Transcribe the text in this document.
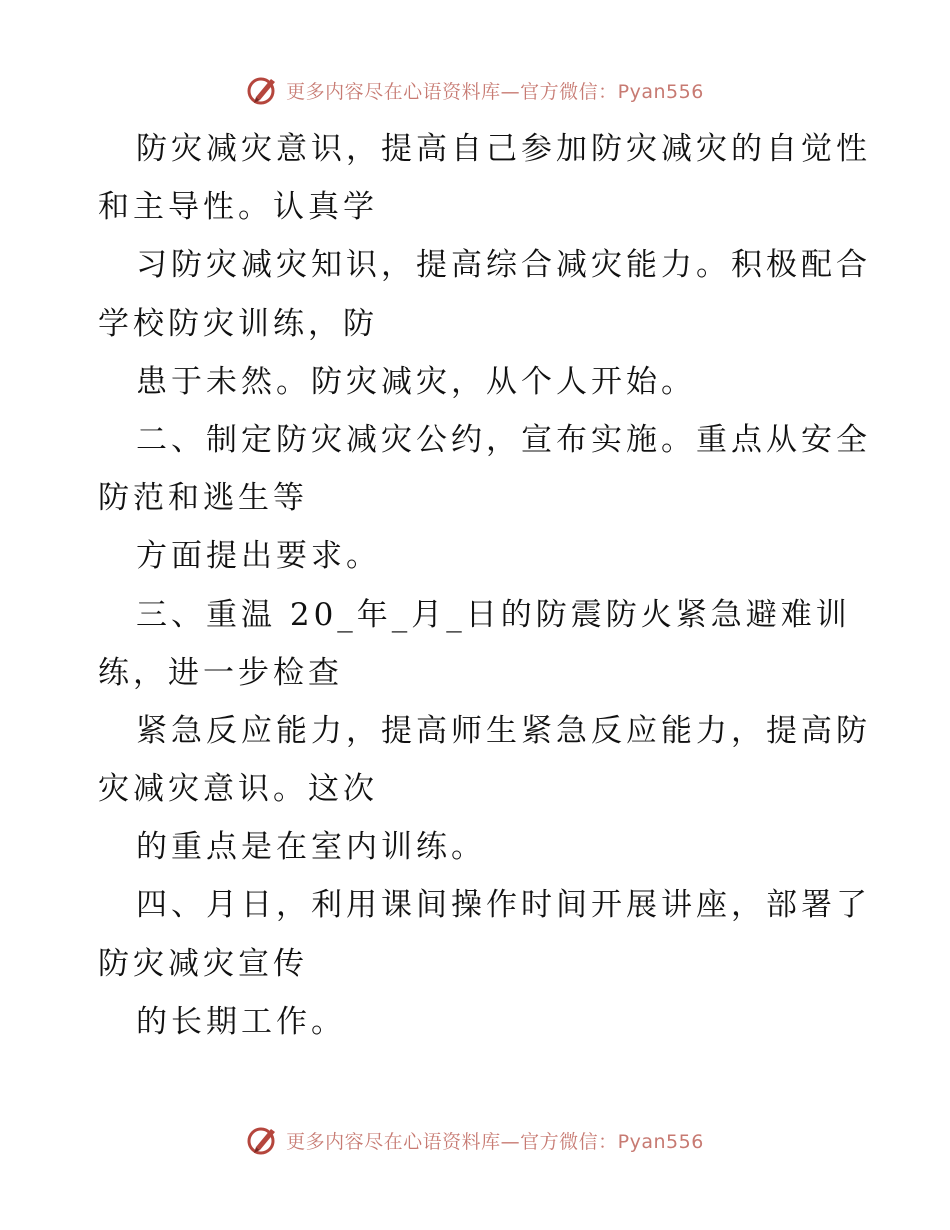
更多内容尽在心语资料库—官方微信：Pyan556
防灾减灾意识，提高自己参加防灾减灾的自觉性
和主导性。认真学
习防灾减灾知识，提高综合减灾能力。积极配合
学校防灾训练，防
患于未然。防灾减灾，从个人开始。
二、制定防灾减灾公约，宣布实施。重点从安全
防范和逃生等
方面提出要求。
三、重温 20_年_月_日的防震防火紧急避难训
练，进一步检查
紧急反应能力，提高师生紧急反应能力，提高防
灾减灾意识。这次
的重点是在室内训练。
四、月日，利用课间操作时间开展讲座，部署了
防灾减灾宣传
的长期工作。
更多内容尽在心语资料库—官方微信：Pyan556
